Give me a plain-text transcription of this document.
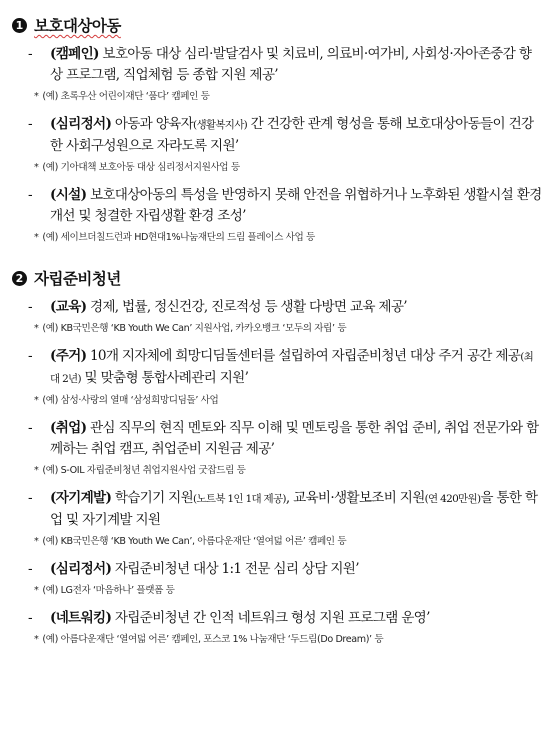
1 보호대상아동
-	(캠페인) 보호아동 대상 심리·발달검사 및 치료비, 의료비·여가비, 사회성·자아존중감 향상 프로그램, 직업체험 등 종합 지원 제공’
* (예) 초록우산 어린이재단 ‘품다’ 캠페인 등
-	(심리정서) 아동과 양육자(생활복지사) 간 건강한 관계 형성을 통해 보호대상아동들이 건강한 사회구성원으로 자라도록 지원’
* (예) 기아대책 보호아동 대상 심리정서지원사업 등
-	(시설) 보호대상아동의 특성을 반영하지 못해 안전을 위협하거나 노후화된 생활시설 환경 개선 및 청결한 자립생활 환경 조성’
* (예) 세이브더칠드런과 HD현대1%나눔재단의 드림 플레이스 사업 등
2 자립준비청년
-	(교육) 경제, 법률, 정신건강, 진로적성 등 생활 다방면 교육 제공’
* (예) KB국민은행 ‘KB Youth We Can’ 지원사업, 카카오뱅크 ‘모두의 자립’ 등
-	(주거) 10개 지자체에 희망디딤돌센터를 설립하여 자립준비청년 대상 주거 공간 제공(최대 2년) 및 맞춤형 통합사례관리 지원’
* (예) 삼성·사랑의 열매 ‘삼성희망디딤돌’ 사업
-	(취업) 관심 직무의 현직 멘토와 직무 이해 및 멘토링을 통한 취업 준비, 취업 전문가와 함께하는 취업 캠프, 취업준비 지원금 제공’
* (예) S-OIL 자립준비청년 취업지원사업 굿잡드림 등
-	(자기계발) 학습기기 지원(노트북 1인 1대 제공), 교육비·생활보조비 지원(연 420만원)을 통한 학업 및 자기계발 지원
* (예) KB국민은행 ‘KB Youth We Can’, 아름다운재단 ‘열여덟 어른’ 캠페인 등
-	(심리정서) 자립준비청년 대상 1:1 전문 심리 상담 지원’
* (예) LG전자 ‘마음하나’ 플랫폼 등
-	(네트워킹) 자립준비청년 간 인적 네트워크 형성 지원 프로그램 운영’
* (예) 아름다운재단 ‘열여덟 어른’ 캠페인, 포스코 1% 나눔재단 ‘두드림(Do Dream)’ 등
